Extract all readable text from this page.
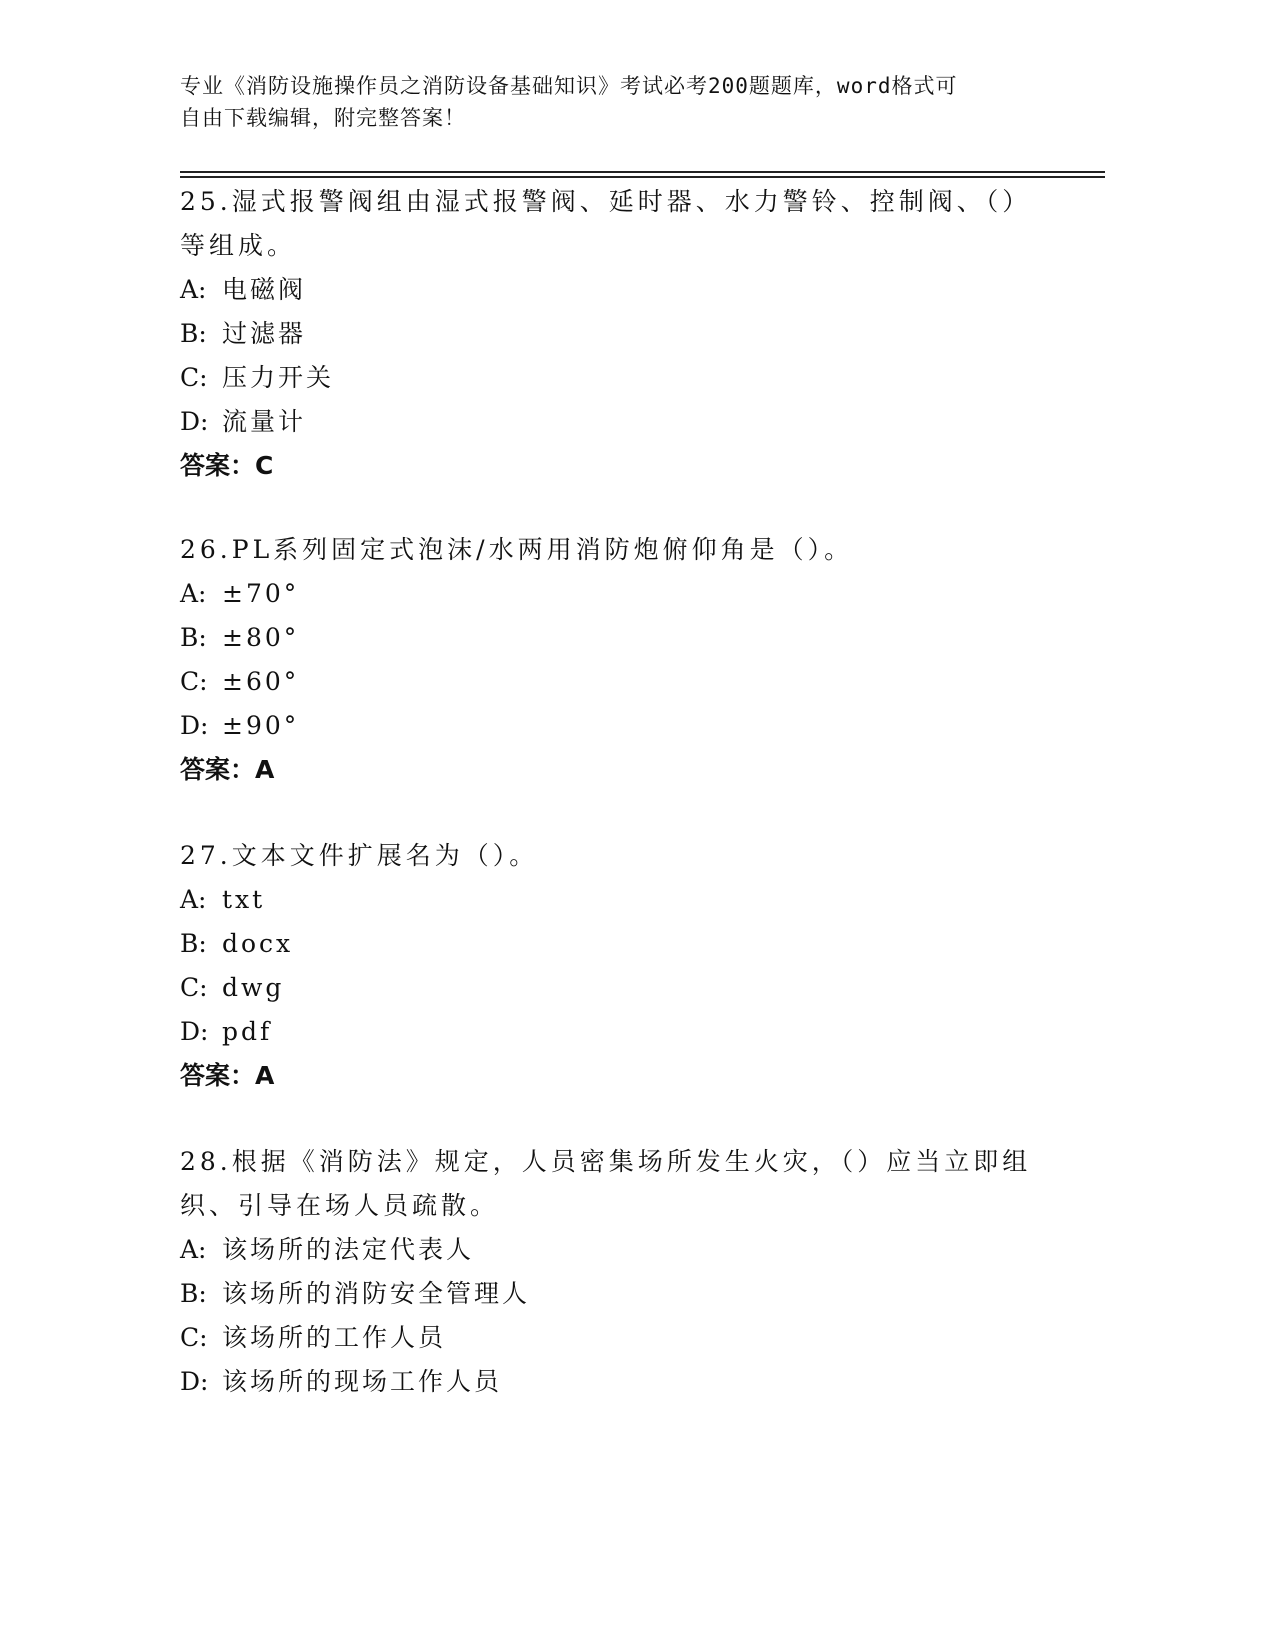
专业《消防设施操作员之消防设备基础知识》考试必考200题题库，word格式可
自由下载编辑，附完整答案！

25.湿式报警阀组由湿式报警阀、延时器、水力警铃、控制阀、（）等组成。

A: 电磁阀
B: 过滤器
C: 压力开关
D: 流量计
答案：C

26.PL系列固定式泡沫/水两用消防炮俯仰角是（）。

A: ±70°
B: ±80°
C: ±60°
D: ±90°
答案：A

27.文本文件扩展名为（）。

A: txt
B: docx
C: dwg
D: pdf
答案：A

28.根据《消防法》规定，人员密集场所发生火灾，（）应当立即组织、引导在场人员疏散。

A: 该场所的法定代表人
B: 该场所的消防安全管理人
C: 该场所的工作人员
D: 该场所的现场工作人员
